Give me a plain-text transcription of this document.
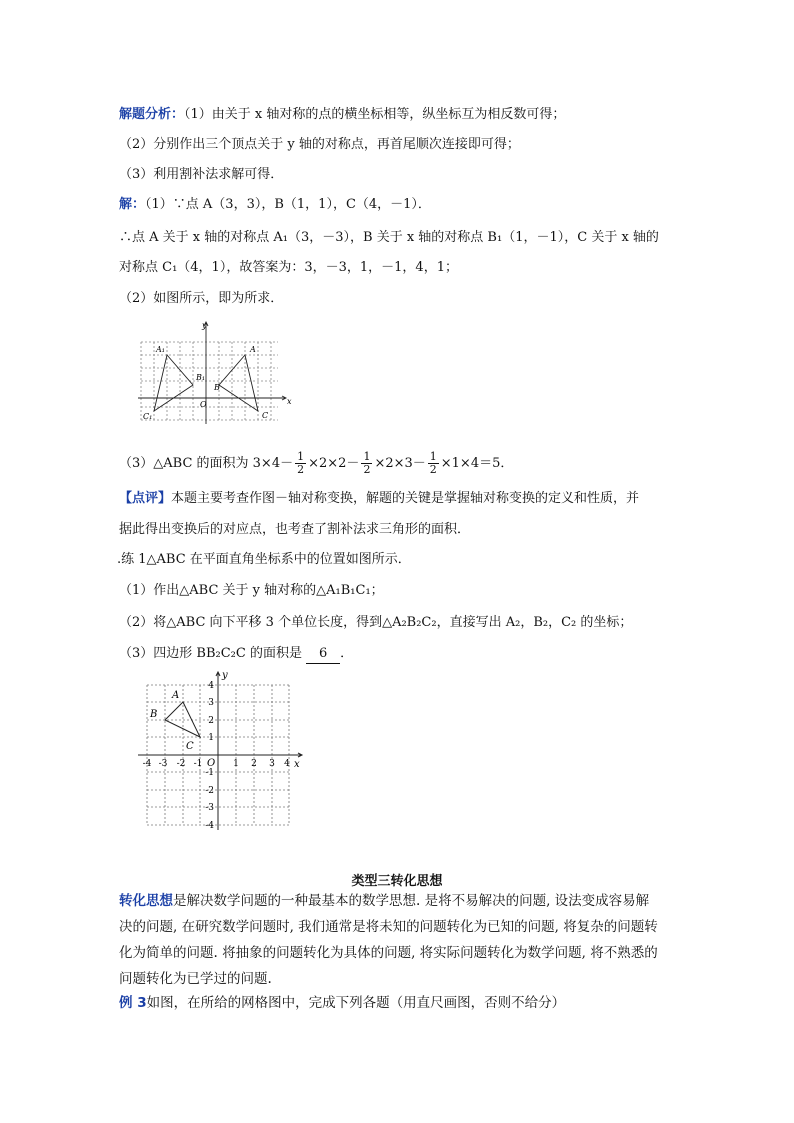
解题分析：（1）由关于 x 轴对称的点的横坐标相等，纵坐标互为相反数可得；
（2）分别作出三个顶点关于 y 轴的对称点，再首尾顺次连接即可得；
（3）利用割补法求解可得．
解：（1）∵点 A（3，3），B（1，1），C（4，－1）．
∴点 A 关于 x 轴的对称点 A₁（3，－3），B 关于 x 轴的对称点 B₁（1，－1），C 关于 x 轴的
对称点 C₁（4，1），故答案为：3，－3，1，－1，4，1；
（2）如图所示，即为所求．
y
x
O
A
B
C
A₁
B₁
C₁
（3）△ABC 的面积为 $3\times 4- \frac{1}{2} \times 2\times 2- \frac{1}{2} \times 2\times 3- \frac{1}{2} \times 1\times 4=5$．
【点评】本题主要考查作图－轴对称变换，解题的关键是掌握轴对称变换的定义和性质，并
据此得出变换后的对应点，也考查了割补法求三角形的面积．
.练 1△ABC 在平面直角坐标系中的位置如图所示．
（1）作出△ABC 关于 y 轴对称的△A₁B₁C₁；
（2）将△ABC 向下平移 3 个单位长度，得到△A₂B₂C₂，直接写出 A₂，B₂，C₂ 的坐标；
（3）四边形 BB₂C₂C 的面积是 6 ．
y
x
O
A
B
C
-4 -3 -2 -1	1 2 3 4
4
3
2
1
-1
-2
-3
-4
类型三转化思想
转化思想是解决数学问题的一种最基本的数学思想. 是将不易解决的问题, 设法变成容易解
决的问题, 在研究数学问题时, 我们通常是将未知的问题转化为已知的问题, 将复杂的问题转
化为简单的问题. 将抽象的问题转化为具体的问题, 将实际问题转化为数学问题, 将不熟悉的
问题转化为已学过的问题.
例 3如图，在所给的网格图中，完成下列各题（用直尺画图，否则不给分）
